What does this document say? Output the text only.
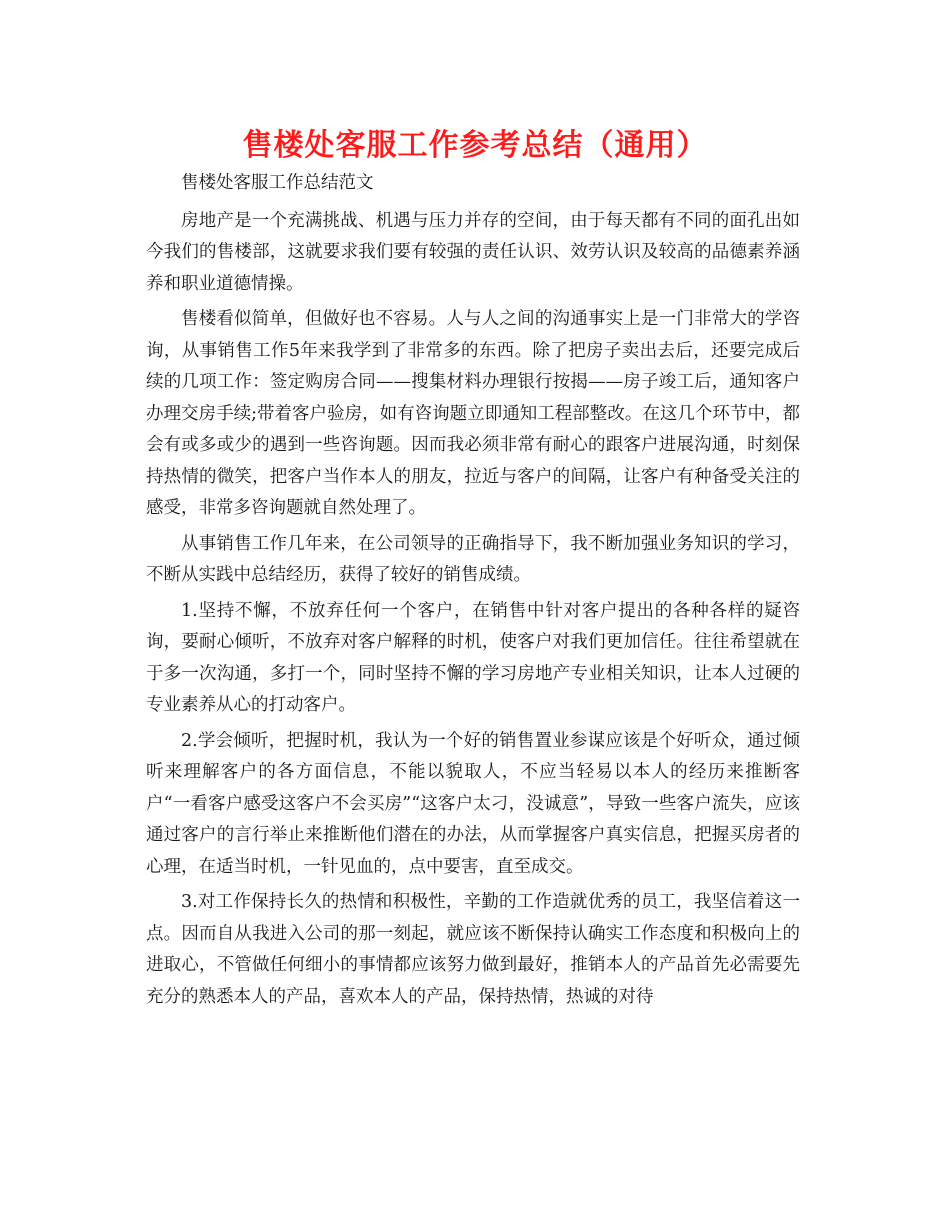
售楼处客服工作参考总结（通用）

售楼处客服工作总结范文

房地产是一个充满挑战、机遇与压力并存的空间，由于每天都有不同的面孔出如今我们的售楼部，这就要求我们要有较强的责任认识、效劳认识及较高的品德素养涵养和职业道德情操。

售楼看似简单，但做好也不容易。人与人之间的沟通事实上是一门非常大的学咨询，从事销售工作5年来我学到了非常多的东西。除了把房子卖出去后，还要完成后续的几项工作：签定购房合同——搜集材料办理银行按揭——房子竣工后，通知客户办理交房手续;带着客户验房，如有咨询题立即通知工程部整改。在这几个环节中，都会有或多或少的遇到一些咨询题。因而我必须非常有耐心的跟客户进展沟通，时刻保持热情的微笑，把客户当作本人的朋友，拉近与客户的间隔，让客户有种备受关注的感受，非常多咨询题就自然处理了。

从事销售工作几年来，在公司领导的正确指导下，我不断加强业务知识的学习，不断从实践中总结经历，获得了较好的销售成绩。

1.坚持不懈，不放弃任何一个客户，在销售中针对客户提出的各种各样的疑咨询，要耐心倾听，不放弃对客户解释的时机，使客户对我们更加信任。往往希望就在于多一次沟通，多打一个，同时坚持不懈的学习房地产专业相关知识，让本人过硬的专业素养从心的打动客户。

2.学会倾听，把握时机，我认为一个好的销售置业参谋应该是个好听众，通过倾听来理解客户的各方面信息，不能以貌取人，不应当轻易以本人的经历来推断客户“一看客户感受这客户不会买房”“这客户太刁，没诚意”，导致一些客户流失，应该通过客户的言行举止来推断他们潜在的办法，从而掌握客户真实信息，把握买房者的心理，在适当时机，一针见血的，点中要害，直至成交。

3.对工作保持长久的热情和积极性，辛勤的工作造就优秀的员工，我坚信着这一点。因而自从我进入公司的那一刻起，就应该不断保持认确实工作态度和积极向上的进取心，不管做任何细小的事情都应该努力做到最好，推销本人的产品首先必需要先充分的熟悉本人的产品，喜欢本人的产品，保持热情，热诚的对待
